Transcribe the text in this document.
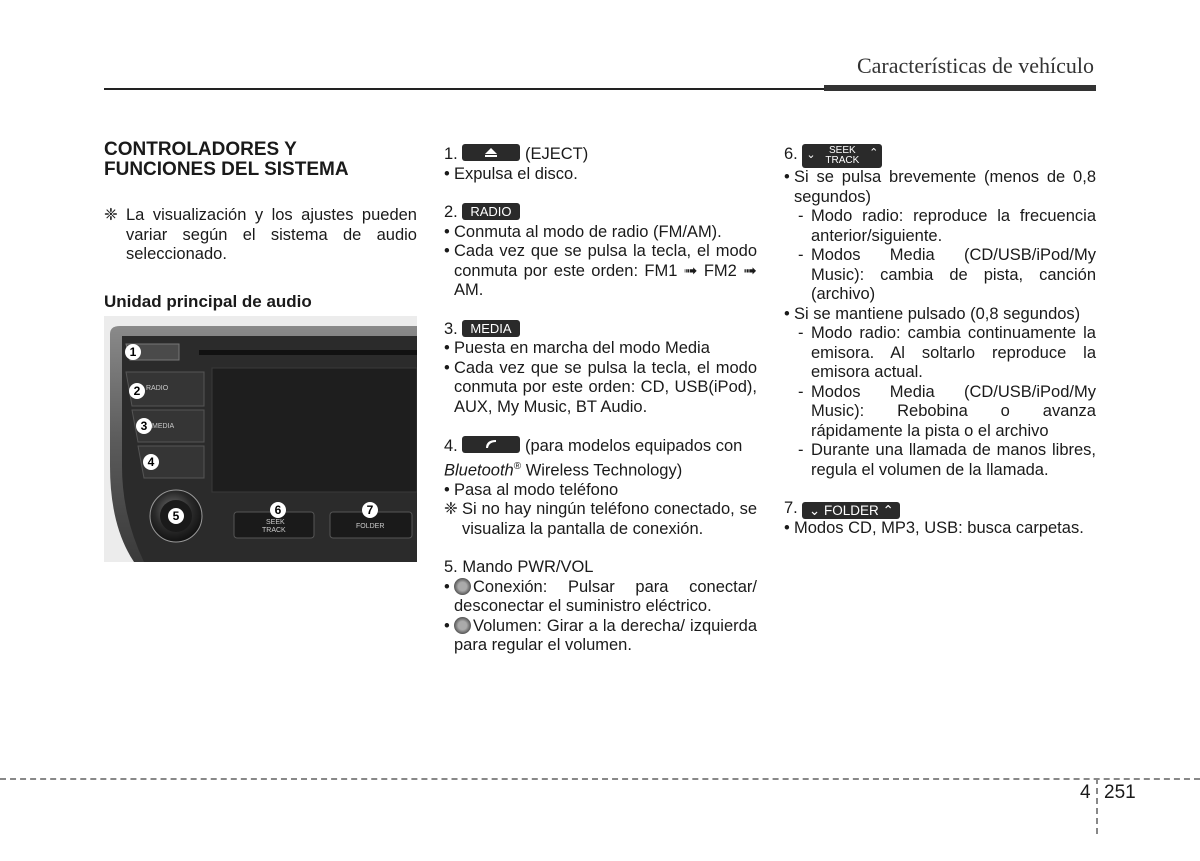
Características de vehículo
CONTROLADORES Y
FUNCIONES DEL SISTEMA
❈ La visualización y los ajustes pueden variar según el sistema de audio seleccionado.
Unidad principal de audio
RADIO
MEDIA
SEEK
TRACK
FOLDER
1
2
3
4
5	6	7
1.	(EJECT)
• Expulsa el disco.
2. RADIO
• Conmuta al modo de radio (FM/AM).
• Cada vez que se pulsa la tecla, el modo conmuta por este orden: FM1 ➟ FM2 ➟ AM.
3. MEDIA
• Puesta en marcha del modo Media
• Cada vez que se pulsa la tecla, el modo conmuta por este orden: CD, USB(iPod), AUX, My Music, BT Audio.
4.	(para modelos equipados con
Bluetooth® Wireless Technology)
• Pasa al modo teléfono
❈ Si no hay ningún teléfono conectado, se visualiza la pantalla de conexión.
5. Mando PWR/VOL
•	Conexión: Pulsar para conectar/ desconectar el suministro eléctrico.
•	Volumen: Girar a la derecha/ izquierda para regular el volumen.
6. ⌄	SEEK
TRACK
⌃
• Si se pulsa brevemente (menos de 0,8 segundos)
- Modo radio: reproduce la frecuencia anterior/siguiente.
- Modos Media (CD/USB/iPod/My Music): cambia de pista, canción (archivo)
• Si se mantiene pulsado (0,8 segundos)
- Modo radio: cambia continuamente la emisora. Al soltarlo reproduce la emisora actual.
- Modos Media (CD/USB/iPod/My Music): Rebobina o avanza rápidamente la pista o el archivo
- Durante una llamada de manos libres, regula el volumen de la llamada.
7. ⌄ FOLDER ⌃
• Modos CD, MP3, USB: busca carpetas.
4 251
